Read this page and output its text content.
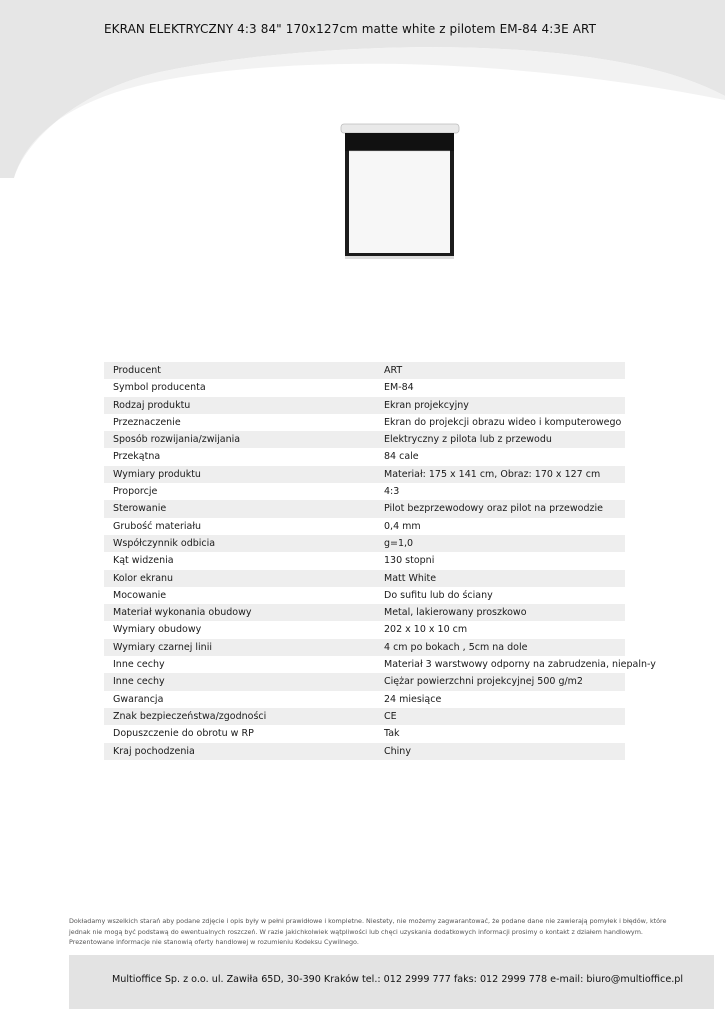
EKRAN ELEKTRYCZNY 4:3 84" 170x127cm matte white z pilotem EM-84 4:3E ART
Producent	ART
Symbol producenta	EM-84
Rodzaj produktu	Ekran projekcyjny
Przeznaczenie	Ekran do projekcji obrazu wideo i komputerowego
Sposób rozwijania/zwijania	Elektryczny z pilota lub z przewodu
Przekątna	84 cale
Wymiary produktu	Materiał: 175 x 141 cm, Obraz: 170 x 127 cm
Proporcje	4:3
Sterowanie	Pilot bezprzewodowy oraz pilot na przewodzie
Grubość materiału	0,4 mm
Współczynnik odbicia	g=1,0
Kąt widzenia	130 stopni
Kolor ekranu	Matt White
Mocowanie	Do sufitu lub do ściany
Materiał wykonania obudowy	Metal, lakierowany proszkowo
Wymiary obudowy	202 x 10 x 10 cm
Wymiary czarnej linii	4 cm po bokach , 5cm na dole
Inne cechy	Materiał 3 warstwowy odporny na zabrudzenia, niepaln-y
Inne cechy	Ciężar powierzchni projekcyjnej 500 g/m2
Gwarancja	24 miesiące
Znak bezpieczeństwa/zgodności	CE
Dopuszczenie do obrotu w RP	Tak
Kraj pochodzenia	Chiny
Dokładamy wszelkich starań aby podane zdjęcie i opis były w pełni prawidłowe i kompletne. Niestety, nie możemy zagwarantować, że podane dane nie zawierają pomyłek i błędów, które jednak nie mogą być podstawą do ewentualnych roszczeń. W razie jakichkolwiek wątpliwości lub chęci uzyskania dodatkowych informacji prosimy o kontakt z działem handlowym. Prezentowane informacje nie stanowią oferty handlowej w rozumieniu Kodeksu Cywilnego.
Multioffice Sp. z o.o. ul. Zawiła 65D, 30-390 Kraków tel.: 012 2999 777 faks: 012 2999 778 e-mail: biuro@multioffice.pl
